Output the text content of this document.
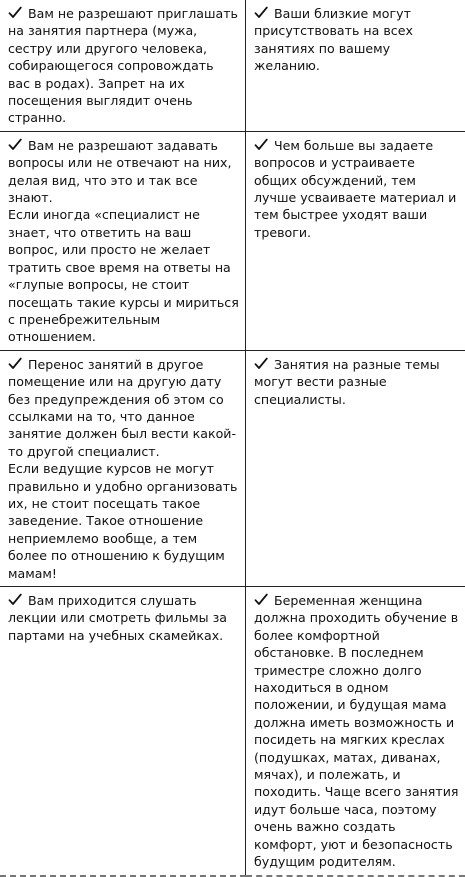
Вам не разрешают приглашать на занятия партнера (мужа, сестру или другого человека, собирающегося сопровождать вас в родах). Запрет на их посещения выглядит очень странно.	Ваши близкие могут присутствовать на всех занятиях по вашему желанию.

Вам не разрешают задавать вопросы или не отвечают на них, делая вид, что это и так все знают.
Если иногда «специалист не знает, что ответить на ваш вопрос, или просто не желает тратить свое время на ответы на «глупые вопросы, не стоит посещать такие курсы и мириться с пренебрежительным отношением.	Чем больше вы задаете вопросов и устраиваете общих обсуждений, тем лучше усваиваете материал и тем быстрее уходят ваши тревоги.

Перенос занятий в другое помещение или на другую дату без предупреждения об этом со ссылками на то, что данное занятие должен был вести какой-то другой специалист.
Если ведущие курсов не могут правильно и удобно организовать их, не стоит посещать такое заведение. Такое отношение неприемлемо вообще, а тем более по отношению к будущим мамам!	Занятия на разные темы могут вести разные специалисты.

Вам приходится слушать лекции или смотреть фильмы за партами на учебных скамейках.	Беременная женщина должна проходить обучение в более комфортной обстановке. В последнем триместре сложно долго находиться в одном положении, и будущая мама должна иметь возможность и посидеть на мягких креслах (подушках, матах, диванах, мячах), и полежать, и походить. Чаще всего занятия идут больше часа, поэтому очень важно создать комфорт, уют и безопасность будущим родителям.
